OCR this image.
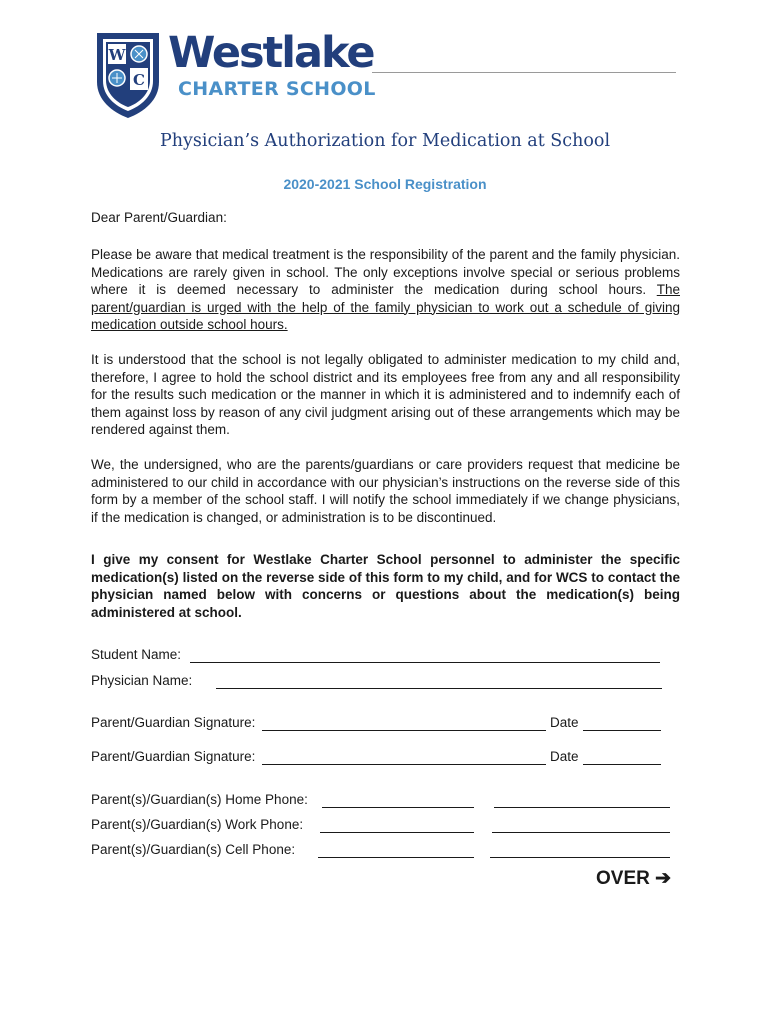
W
C
Westlake
CHARTER SCHOOL
Physician’s Authorization for Medication at School
2020-2021 School Registration
Dear Parent/Guardian:

Please be aware that medical treatment is the responsibility of the parent and the family physician. Medications are rarely given in school. The only exceptions involve special or serious problems where it is deemed necessary to administer the medication during school hours. The parent/guardian is urged with the help of the family physician to work out a schedule of giving medication outside school hours.

It is understood that the school is not legally obligated to administer medication to my child and, therefore, I agree to hold the school district and its employees free from any and all responsibility for the results such medication or the manner in which it is administered and to indemnify each of them against loss by reason of any civil judgment arising out of these arrangements which may be rendered against them.

We, the undersigned, who are the parents/guardians or care providers request that medicine be administered to our child in accordance with our physician’s instructions on the reverse side of this form by a member of the school staff. I will notify the school immediately if we change physicians, if the medication is changed, or administration is to be discontinued.

I give my consent for Westlake Charter School personnel to administer the specific medication(s) listed on the reverse side of this form to my child, and for WCS to contact the physician named below with concerns or questions about the medication(s) being administered at school.

Student Name:
Physician Name:
Parent/Guardian Signature:	Date
Parent/Guardian Signature:	Date
Parent(s)/Guardian(s) Home Phone:
Parent(s)/Guardian(s) Work Phone:
Parent(s)/Guardian(s) Cell Phone:
OVER ➔
